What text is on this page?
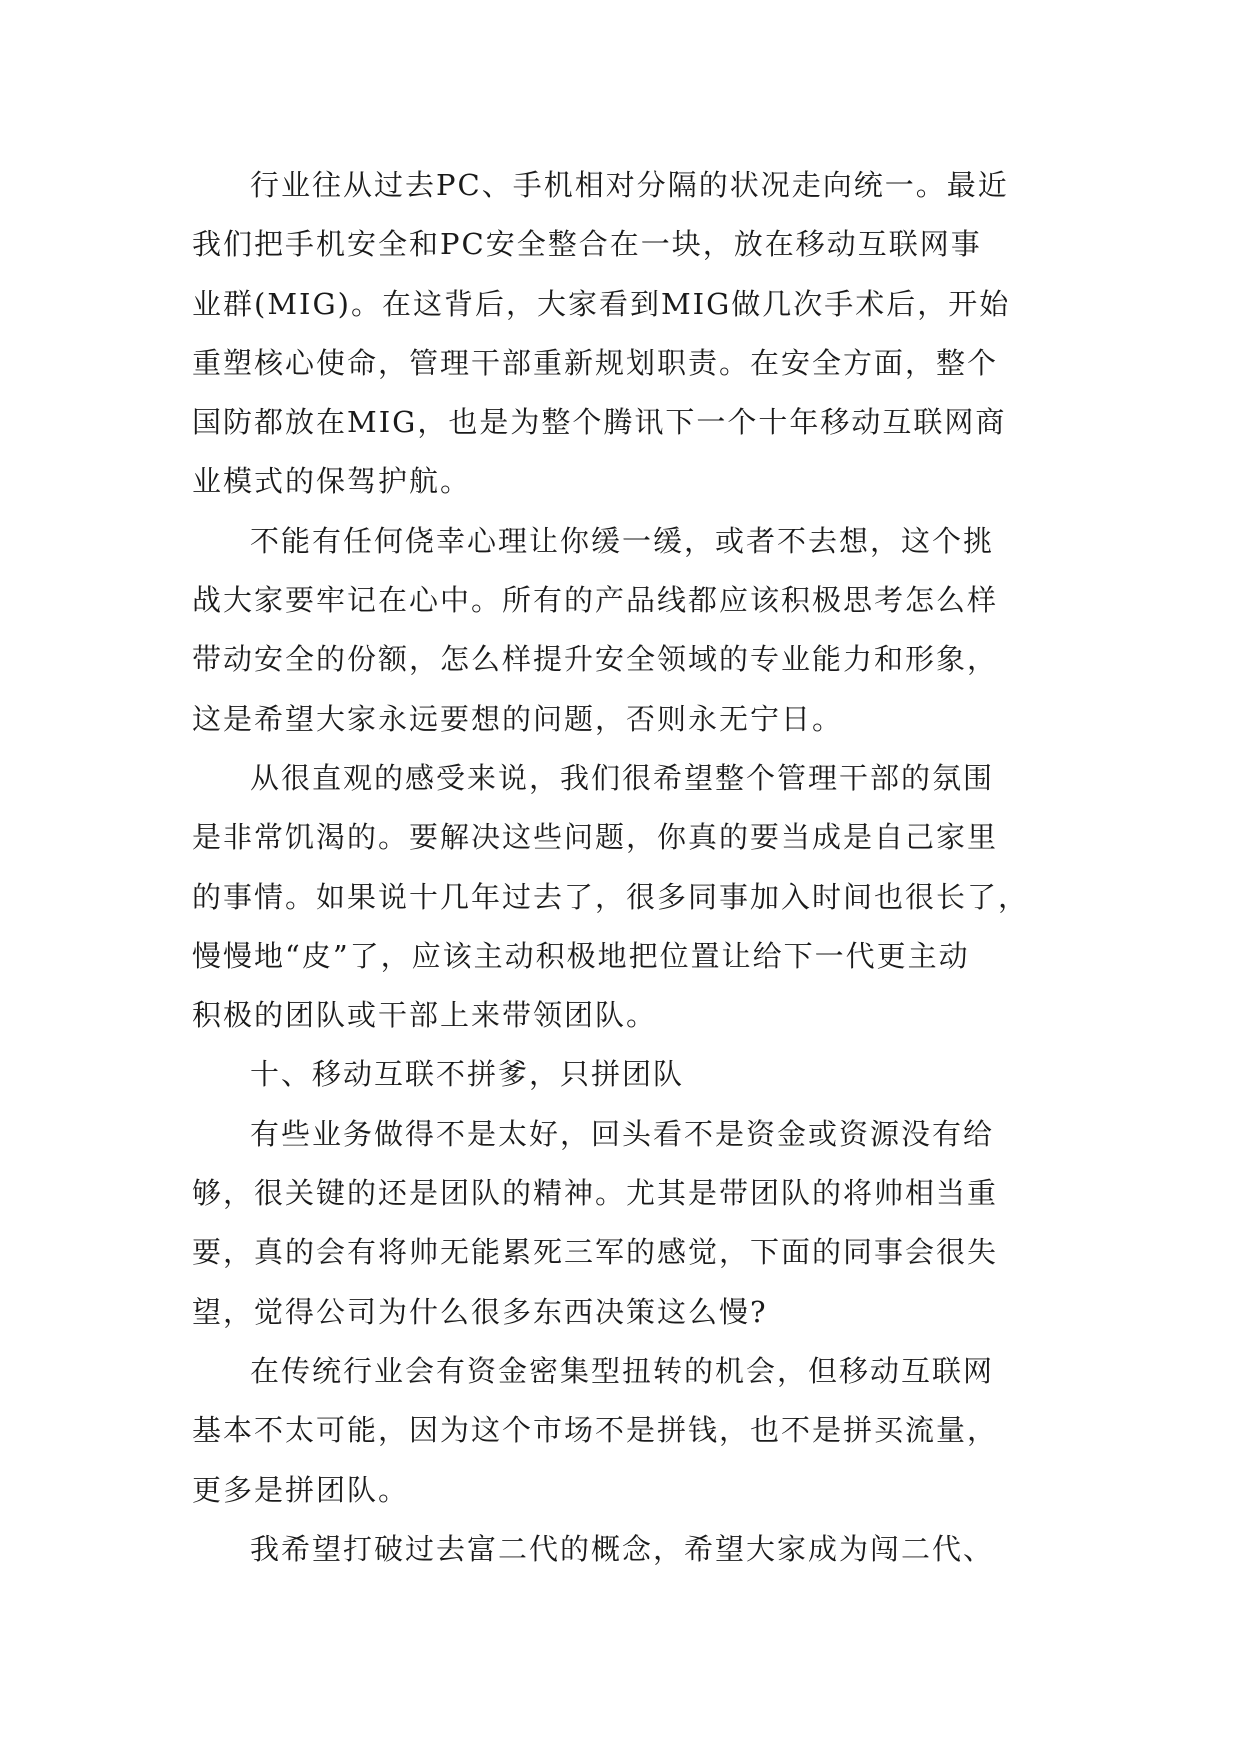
行业往从过去PC、手机相对分隔的状况走向统一。最近
我们把手机安全和PC安全整合在一块，放在移动互联网事
业群(MIG)。在这背后，大家看到MIG做几次手术后，开始
重塑核心使命，管理干部重新规划职责。在安全方面，整个
国防都放在MIG，也是为整个腾讯下一个十年移动互联网商
业模式的保驾护航。

不能有任何侥幸心理让你缓一缓，或者不去想，这个挑
战大家要牢记在心中。所有的产品线都应该积极思考怎么样
带动安全的份额，怎么样提升安全领域的专业能力和形象，
这是希望大家永远要想的问题，否则永无宁日。

从很直观的感受来说，我们很希望整个管理干部的氛围
是非常饥渴的。要解决这些问题，你真的要当成是自己家里
的事情。如果说十几年过去了，很多同事加入时间也很长了，
慢慢地“皮”了，应该主动积极地把位置让给下一代更主动
积极的团队或干部上来带领团队。

十、移动互联不拼爹，只拼团队

有些业务做得不是太好，回头看不是资金或资源没有给
够，很关键的还是团队的精神。尤其是带团队的将帅相当重
要，真的会有将帅无能累死三军的感觉，下面的同事会很失
望，觉得公司为什么很多东西决策这么慢?

在传统行业会有资金密集型扭转的机会，但移动互联网
基本不太可能，因为这个市场不是拼钱，也不是拼买流量，
更多是拼团队。

我希望打破过去富二代的概念，希望大家成为闯二代、
